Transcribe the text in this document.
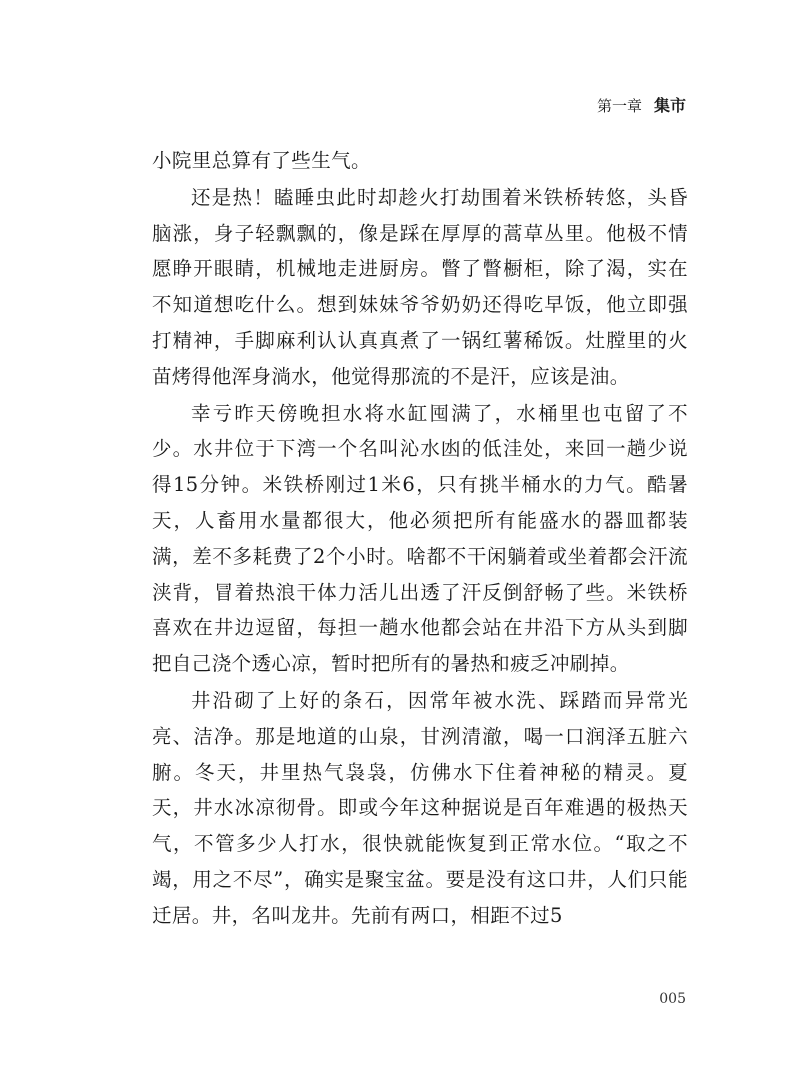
第一章 集市

小院里总算有了些生气。

还是热！瞌睡虫此时却趁火打劫围着米铁桥转悠，头昏脑涨，身子轻飘飘的，像是踩在厚厚的蒿草丛里。他极不情愿睁开眼睛，机械地走进厨房。瞥了瞥橱柜，除了渴，实在不知道想吃什么。想到妹妹爷爷奶奶还得吃早饭，他立即强打精神，手脚麻利认认真真煮了一锅红薯稀饭。灶膛里的火苗烤得他浑身淌水，他觉得那流的不是汗，应该是油。

幸亏昨天傍晚担水将水缸囤满了，水桶里也屯留了不少。水井位于下湾一个名叫沁水凼的低洼处，来回一趟少说得15分钟。米铁桥刚过1米6，只有挑半桶水的力气。酷暑天，人畜用水量都很大，他必须把所有能盛水的器皿都装满，差不多耗费了2个小时。啥都不干闲躺着或坐着都会汗流浃背，冒着热浪干体力活儿出透了汗反倒舒畅了些。米铁桥喜欢在井边逗留，每担一趟水他都会站在井沿下方从头到脚把自己浇个透心凉，暂时把所有的暑热和疲乏冲刷掉。

井沿砌了上好的条石，因常年被水洗、踩踏而异常光亮、洁净。那是地道的山泉，甘洌清澈，喝一口润泽五脏六腑。冬天，井里热气袅袅，仿佛水下住着神秘的精灵。夏天，井水冰凉彻骨。即或今年这种据说是百年难遇的极热天气，不管多少人打水，很快就能恢复到正常水位。“取之不竭，用之不尽”，确实是聚宝盆。要是没有这口井，人们只能迁居。井，名叫龙井。先前有两口，相距不过5

005
